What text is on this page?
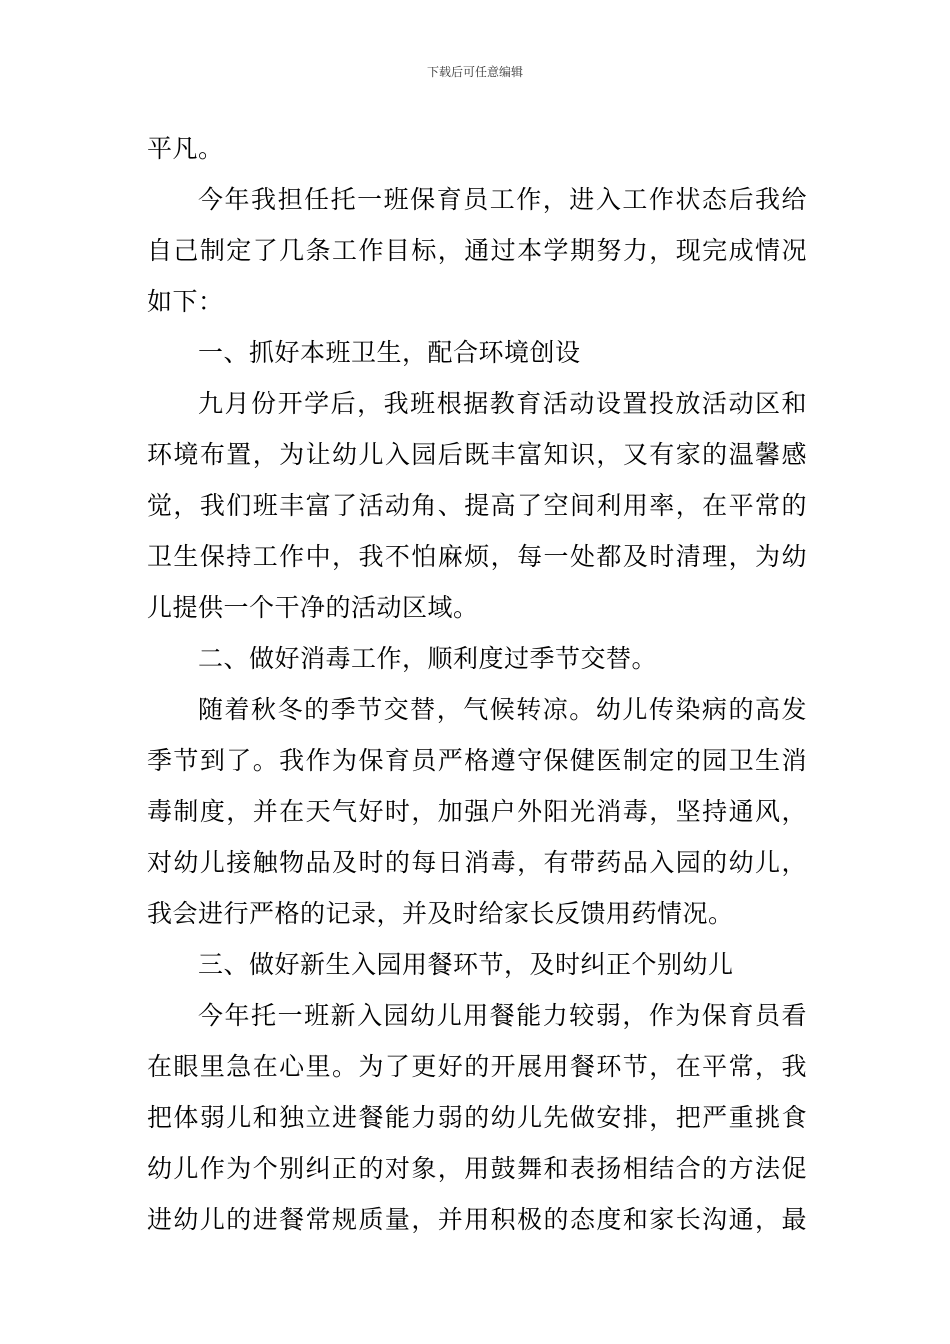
下载后可任意编辑
平凡。
今年我担任托一班保育员工作，进入工作状态后我给
自己制定了几条工作目标，通过本学期努力，现完成情况
如下：
一、抓好本班卫生，配合环境创设
九月份开学后，我班根据教育活动设置投放活动区和
环境布置，为让幼儿入园后既丰富知识，又有家的温馨感
觉，我们班丰富了活动角、提高了空间利用率，在平常的
卫生保持工作中，我不怕麻烦，每一处都及时清理，为幼
儿提供一个干净的活动区域。
二、做好消毒工作，顺利度过季节交替。
随着秋冬的季节交替，气候转凉。幼儿传染病的高发
季节到了。我作为保育员严格遵守保健医制定的园卫生消
毒制度，并在天气好时，加强户外阳光消毒，坚持通风，
对幼儿接触物品及时的每日消毒，有带药品入园的幼儿，
我会进行严格的记录，并及时给家长反馈用药情况。
三、做好新生入园用餐环节，及时纠正个别幼儿
今年托一班新入园幼儿用餐能力较弱，作为保育员看
在眼里急在心里。为了更好的开展用餐环节，在平常，我
把体弱儿和独立进餐能力弱的幼儿先做安排，把严重挑食
幼儿作为个别纠正的对象，用鼓舞和表扬相结合的方法促
进幼儿的进餐常规质量，并用积极的态度和家长沟通，最
